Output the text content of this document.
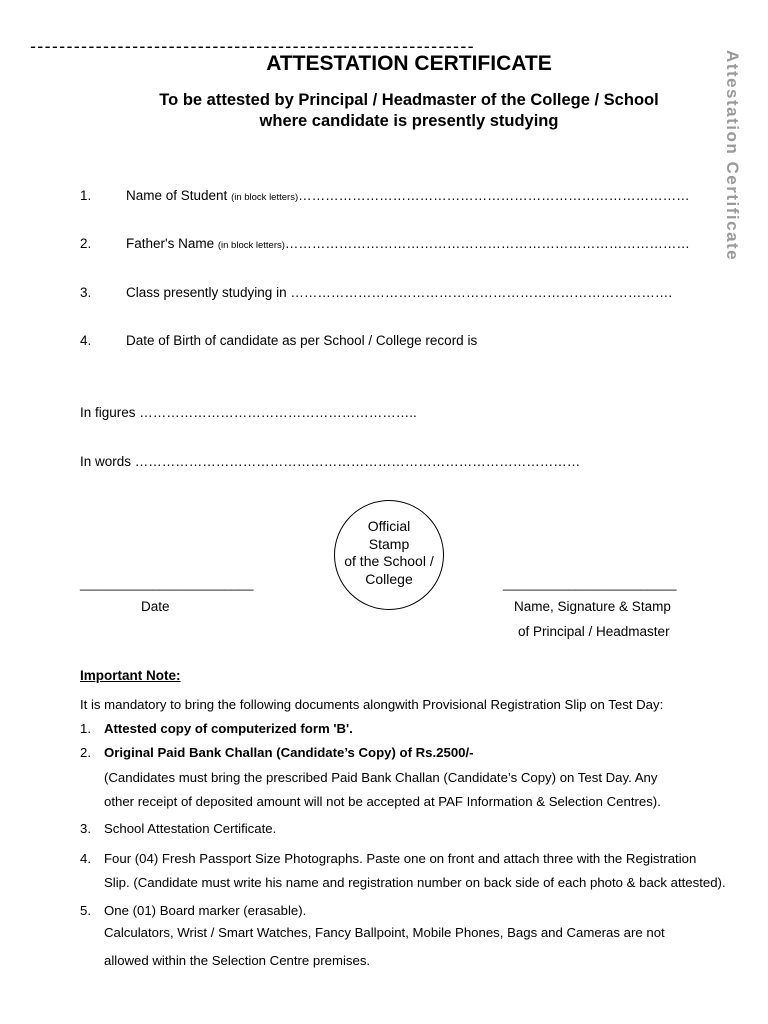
-------------------------------------------------------------
ATTESTATION CERTIFICATE
To be attested by Principal / Headmaster of the College / School
where candidate is presently studying	Attestation Certificate
1.	Name of Student (in block letters)……………………………………………………………………………
2.	Father's Name (in block letters)………………………………………………………………………………
3.	Class presently studying in ………………………………………………………………………….
4.	Date of Birth of candidate as per School / College record is
In figures ……………………………………………………..
In words ………………………………………………………………………………………
Official
Stamp
of the School /
College
________________________
Date
________________________
Name, Signature & Stamp
of Principal / Headmaster
Important Note:
It is mandatory to bring the following documents alongwith Provisional Registration Slip on Test Day:
1. Attested copy of computerized form 'B'.
2. Original Paid Bank Challan (Candidate’s Copy) of Rs.2500/-
(Candidates must bring the prescribed Paid Bank Challan (Candidate’s Copy) on Test Day. Any
other receipt of deposited amount will not be accepted at PAF Information & Selection Centres).
3. School Attestation Certificate.
4. Four (04) Fresh Passport Size Photographs. Paste one on front and attach three with the Registration
Slip. (Candidate must write his name and registration number on back side of each photo & back attested).
5. One (01) Board marker (erasable).
Calculators, Wrist / Smart Watches, Fancy Ballpoint, Mobile Phones, Bags and Cameras are not
allowed within the Selection Centre premises.
